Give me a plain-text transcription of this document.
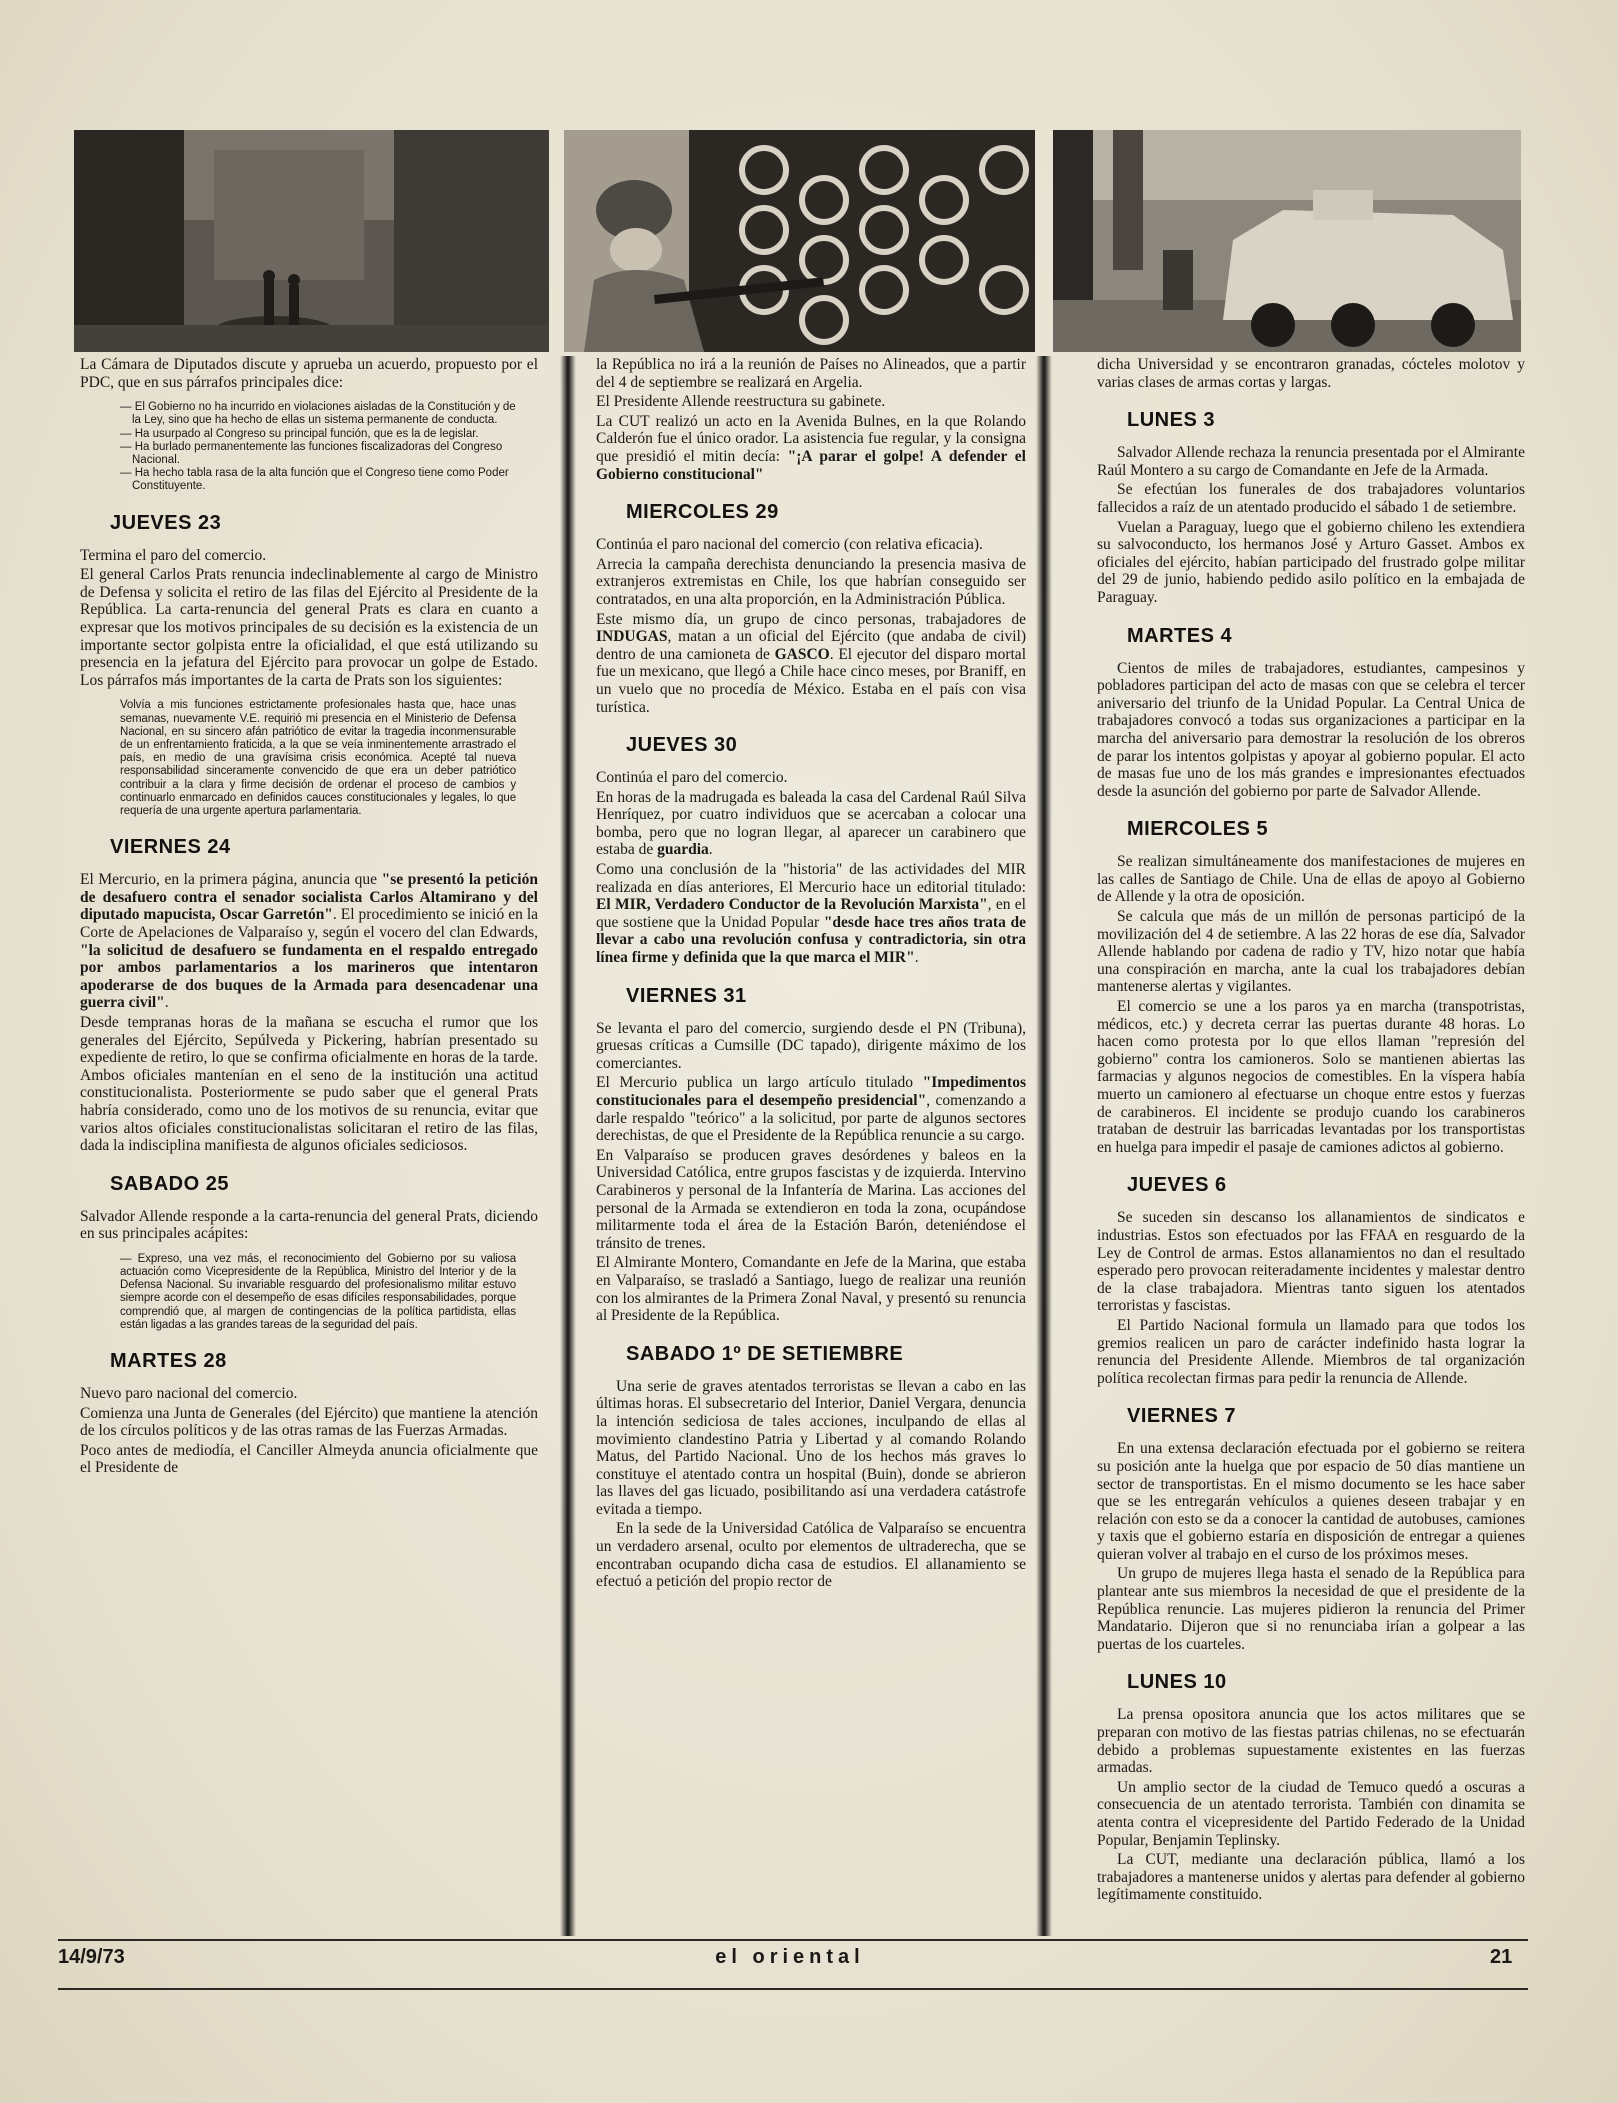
La Cámara de Diputados discute y aprueba un acuerdo, propuesto por el PDC, que en sus párrafos principales dice:

— El Gobierno no ha incurrido en violaciones aisladas de la Constitución y de la Ley, sino que ha hecho de ellas un sistema permanente de conducta.
— Ha usurpado al Congreso su principal función, que es la de legislar.
— Ha burlado permanentemente las funciones fiscalizadoras del Congreso Nacional.
— Ha hecho tabla rasa de la alta función que el Congreso tiene como Poder Constituyente.
JUEVES 23

Termina el paro del comercio.

El general Carlos Prats renuncia indeclinablemente al cargo de Ministro de Defensa y solicita el retiro de las filas del Ejército al Presidente de la República. La carta-renuncia del general Prats es clara en cuanto a expresar que los motivos principales de su decisión es la existencia de un importante sector golpista entre la oficialidad, el que está utilizando su presencia en la jefatura del Ejército para provocar un golpe de Estado. Los párrafos más importantes de la carta de Prats son los siguientes:

Volvía a mis funciones estrictamente profesionales hasta que, hace unas semanas, nuevamente V.E. requirió mi presencia en el Ministerio de Defensa Nacional, en su sincero afán patriótico de evitar la tragedia inconmensurable de un enfrentamiento fraticida, a la que se veía inminentemente arrastrado el país, en medio de una gravísima crisis económica. Acepté tal nueva responsabilidad sinceramente convencido de que era un deber patriótico contribuir a la clara y firme decisión de ordenar el proceso de cambios y continuarlo enmarcado en definidos cauces constitucionales y legales, lo que requería de una urgente apertura parlamentaria.

VIERNES 24

El Mercurio, en la primera página, anuncia que "se presentó la petición de desafuero contra el senador socialista Carlos Altamirano y del diputado mapucista, Oscar Garretón". El procedimiento se inició en la Corte de Apelaciones de Valparaíso y, según el vocero del clan Edwards, "la solicitud de desafuero se fundamenta en el respaldo entregado por ambos parlamentarios a los marineros que intentaron apoderarse de dos buques de la Armada para desencadenar una guerra civil".

Desde tempranas horas de la mañana se escucha el rumor que los generales del Ejército, Sepúlveda y Pickering, habrían presentado su expediente de retiro, lo que se confirma oficialmente en horas de la tarde. Ambos oficiales mantenían en el seno de la institución una actitud constitucionalista. Posteriormente se pudo saber que el general Prats habría considerado, como uno de los motivos de su renuncia, evitar que varios altos oficiales constitucionalistas solicitaran el retiro de las filas, dada la indisciplina manifiesta de algunos oficiales sediciosos.

SABADO 25

Salvador Allende responde a la carta-renuncia del general Prats, diciendo en sus principales acápites:

— Expreso, una vez más, el reconocimiento del Gobierno por su valiosa actuación como Vicepresidente de la República, Ministro del Interior y de la Defensa Nacional. Su invariable resguardo del profesionalismo militar estuvo siempre acorde con el desempeño de esas difíciles responsabilidades, porque comprendió que, al margen de contingencias de la política partidista, ellas están ligadas a las grandes tareas de la seguridad del país.

MARTES 28

Nuevo paro nacional del comercio.

Comienza una Junta de Generales (del Ejército) que mantiene la atención de los círculos políticos y de las otras ramas de las Fuerzas Armadas.

Poco antes de mediodía, el Canciller Almeyda anuncia oficialmente que el Presidente de

la República no irá a la reunión de Países no Alineados, que a partir del 4 de septiembre se realizará en Argelia.

El Presidente Allende reestructura su gabinete.

La CUT realizó un acto en la Avenida Bulnes, en la que Rolando Calderón fue el único orador. La asistencia fue regular, y la consigna que presidió el mitin decía: "¡A parar el golpe! A defender el Gobierno constitucional"

MIERCOLES 29

Continúa el paro nacional del comercio (con relativa eficacia).

Arrecia la campaña derechista denunciando la presencia masiva de extranjeros extremistas en Chile, los que habrían conseguido ser contratados, en una alta proporción, en la Administración Pública.

Este mismo día, un grupo de cinco personas, trabajadores de INDUGAS, matan a un oficial del Ejército (que andaba de civil) dentro de una camioneta de GASCO. El ejecutor del disparo mortal fue un mexicano, que llegó a Chile hace cinco meses, por Braniff, en un vuelo que no procedía de México. Estaba en el país con visa turística.

JUEVES 30

Continúa el paro del comercio.

En horas de la madrugada es baleada la casa del Cardenal Raúl Silva Henríquez, por cuatro individuos que se acercaban a colocar una bomba, pero que no logran llegar, al aparecer un carabinero que estaba de guardia.

Como una conclusión de la "historia" de las actividades del MIR realizada en días anteriores, El Mercurio hace un editorial titulado: El MIR, Verdadero Conductor de la Revolución Marxista", en el que sostiene que la Unidad Popular "desde hace tres años trata de llevar a cabo una revolución confusa y contradictoria, sin otra línea firme y definida que la que marca el MIR".

VIERNES 31

Se levanta el paro del comercio, surgiendo desde el PN (Tribuna), gruesas críticas a Cumsille (DC tapado), dirigente máximo de los comerciantes.

El Mercurio publica un largo artículo titulado "Impedimentos constitucionales para el desempeño presidencial", comenzando a darle respaldo "teórico" a la solicitud, por parte de algunos sectores derechistas, de que el Presidente de la República renuncie a su cargo.

En Valparaíso se producen graves desórdenes y baleos en la Universidad Católica, entre grupos fascistas y de izquierda. Intervino Carabineros y personal de la Infantería de Marina. Las acciones del personal de la Armada se extendieron en toda la zona, ocupándose militarmente toda el área de la Estación Barón, deteniéndose el tránsito de trenes.

El Almirante Montero, Comandante en Jefe de la Marina, que estaba en Valparaíso, se trasladó a Santiago, luego de realizar una reunión con los almirantes de la Primera Zonal Naval, y presentó su renuncia al Presidente de la República.

SABADO 1º DE SETIEMBRE

Una serie de graves atentados terroristas se llevan a cabo en las últimas horas. El subsecretario del Interior, Daniel Vergara, denuncia la intención sediciosa de tales acciones, inculpando de ellas al movimiento clandestino Patria y Libertad y al comando Rolando Matus, del Partido Nacional. Uno de los hechos más graves lo constituye el atentado contra un hospital (Buin), donde se abrieron las llaves del gas licuado, posibilitando así una verdadera catástrofe evitada a tiempo.

En la sede de la Universidad Católica de Valparaíso se encuentra un verdadero arsenal, oculto por elementos de ultraderecha, que se encontraban ocupando dicha casa de estudios. El allanamiento se efectuó a petición del propio rector de

dicha Universidad y se encontraron granadas, cócteles molotov y varias clases de armas cortas y largas.

LUNES 3

Salvador Allende rechaza la renuncia presentada por el Almirante Raúl Montero a su cargo de Comandante en Jefe de la Armada.

Se efectúan los funerales de dos trabajadores voluntarios fallecidos a raíz de un atentado producido el sábado 1 de setiembre.

Vuelan a Paraguay, luego que el gobierno chileno les extendiera su salvoconducto, los hermanos José y Arturo Gasset. Ambos ex oficiales del ejército, habían participado del frustrado golpe militar del 29 de junio, habiendo pedido asilo político en la embajada de Paraguay.

MARTES 4

Cientos de miles de trabajadores, estudiantes, campesinos y pobladores participan del acto de masas con que se celebra el tercer aniversario del triunfo de la Unidad Popular. La Central Unica de trabajadores convocó a todas sus organizaciones a participar en la marcha del aniversario para demostrar la resolución de los obreros de parar los intentos golpistas y apoyar al gobierno popular. El acto de masas fue uno de los más grandes e impresionantes efectuados desde la asunción del gobierno por parte de Salvador Allende.

MIERCOLES 5

Se realizan simultáneamente dos manifestaciones de mujeres en las calles de Santiago de Chile. Una de ellas de apoyo al Gobierno de Allende y la otra de oposición.

Se calcula que más de un millón de personas participó de la movilización del 4 de setiembre. A las 22 horas de ese día, Salvador Allende hablando por cadena de radio y TV, hizo notar que había una conspiración en marcha, ante la cual los trabajadores debían mantenerse alertas y vigilantes.

El comercio se une a los paros ya en marcha (transpotristas, médicos, etc.) y decreta cerrar las puertas durante 48 horas. Lo hacen como protesta por lo que ellos llaman "represión del gobierno" contra los camioneros. Solo se mantienen abiertas las farmacias y algunos negocios de comestibles. En la víspera había muerto un camionero al efectuarse un choque entre estos y fuerzas de carabineros. El incidente se produjo cuando los carabineros trataban de destruir las barricadas levantadas por los transportistas en huelga para impedir el pasaje de camiones adictos al gobierno.

JUEVES 6

Se suceden sin descanso los allanamientos de sindicatos e industrias. Estos son efectuados por las FFAA en resguardo de la Ley de Control de armas. Estos allanamientos no dan el resultado esperado pero provocan reiteradamente incidentes y malestar dentro de la clase trabajadora. Mientras tanto siguen los atentados terroristas y fascistas.

El Partido Nacional formula un llamado para que todos los gremios realicen un paro de carácter indefinido hasta lograr la renuncia del Presidente Allende. Miembros de tal organización política recolectan firmas para pedir la renuncia de Allende.

VIERNES 7

En una extensa declaración efectuada por el gobierno se reitera su posición ante la huelga que por espacio de 50 días mantiene un sector de transportistas. En el mismo documento se les hace saber que se les entregarán vehículos a quienes deseen trabajar y en relación con esto se da a conocer la cantidad de autobuses, camiones y taxis que el gobierno estaría en disposición de entregar a quienes quieran volver al trabajo en el curso de los próximos meses.

Un grupo de mujeres llega hasta el senado de la República para plantear ante sus miembros la necesidad de que el presidente de la República renuncie. Las mujeres pidieron la renuncia del Primer Mandatario. Dijeron que si no renunciaba irían a golpear a las puertas de los cuarteles.

LUNES 10

La prensa opositora anuncia que los actos militares que se preparan con motivo de las fiestas patrias chilenas, no se efectuarán debido a problemas supuestamente existentes en las fuerzas armadas.

Un amplio sector de la ciudad de Temuco quedó a oscuras a consecuencia de un atentado terrorista. También con dinamita se atenta contra el vicepresidente del Partido Federado de la Unidad Popular, Benjamin Teplinsky.

La CUT, mediante una declaración pública, llamó a los trabajadores a mantenerse unidos y alertas para defender al gobierno legítimamente constituido.

14/9/73	el oriental	21
